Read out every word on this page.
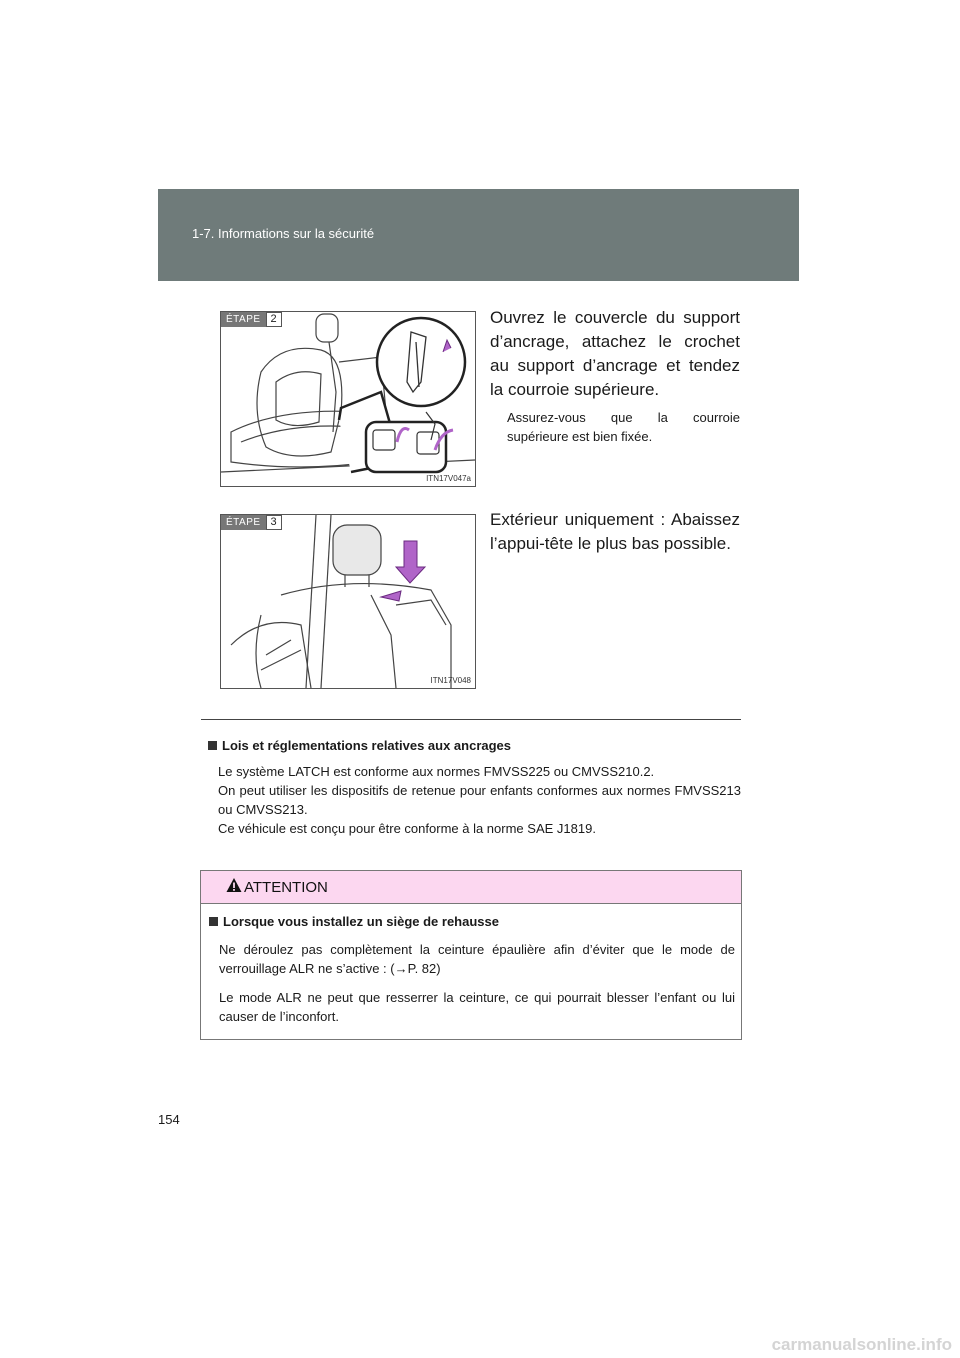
1-7. Informations sur la sécurité
ÉTAPE 2
ITN17V047a
Ouvrez le couvercle du support d’ancrage, attachez le crochet au support d’ancrage et tendez la courroie supérieure.
Assurez-vous que la courroie supérieure est bien fixée.
ÉTAPE 3
ITN17V048
Extérieur uniquement : Abaissez l’appui-tête le plus bas possible.
Lois et réglementations relatives aux ancrages

Le système LATCH est conforme aux normes FMVSS225 ou CMVSS210.2.

On peut utiliser les dispositifs de retenue pour enfants conformes aux normes FMVSS213 ou CMVSS213.

Ce véhicule est conçu pour être conforme à la norme SAE J1819.

ATTENTION
Lorsque vous installez un siège de rehausse

Ne déroulez pas complètement la ceinture épaulière afin d’éviter que le mode de verrouillage ALR ne s’active : (→P. 82)

Le mode ALR ne peut que resserrer la ceinture, ce qui pourrait blesser l’enfant ou lui causer de l’inconfort.

154
carmanualsonline.info
